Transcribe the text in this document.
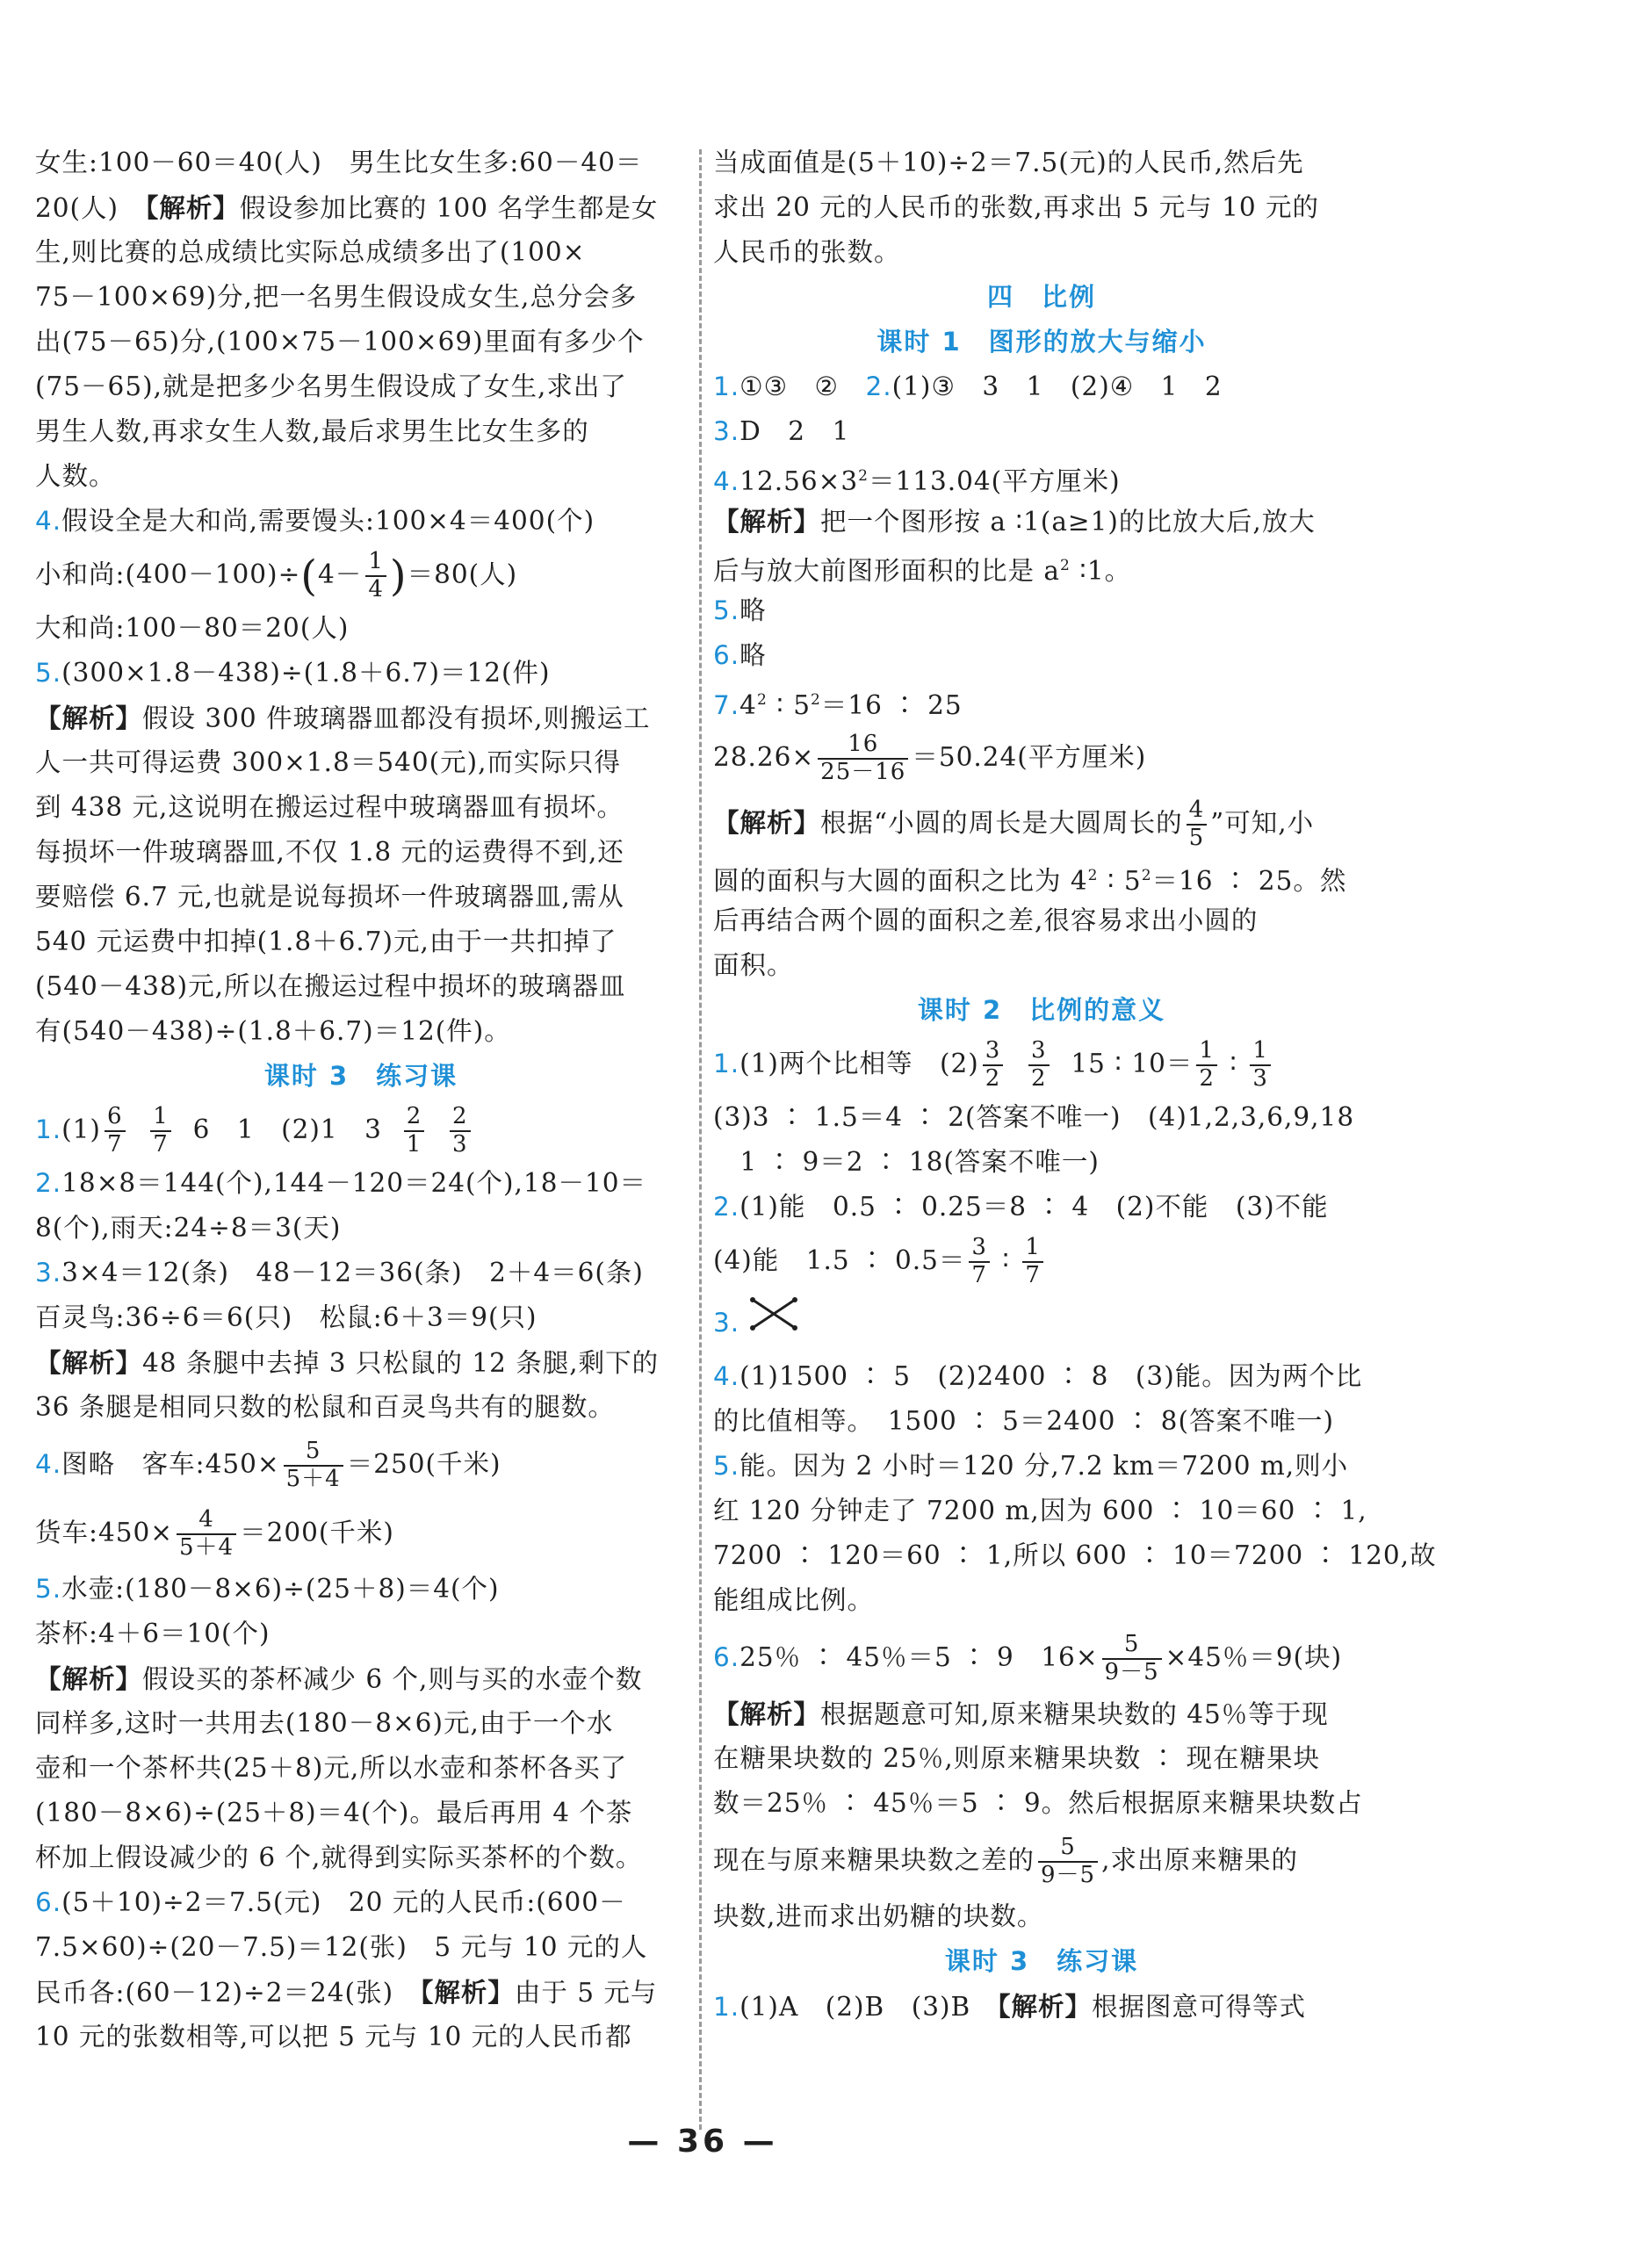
女生:100－60＝40(人)　男生比女生多:60－40＝
20(人)　【解析】假设参加比赛的 100 名学生都是女
生,则比赛的总成绩比实际总成绩多出了(100×
75－100×69)分,把一名男生假设成女生,总分会多
出(75－65)分,(100×75－100×69)里面有多少个
(75－65),就是把多少名男生假设成了女生,求出了
男生人数,再求女生人数,最后求男生比女生多的
人数。
4.假设全是大和尚,需要馒头:100×4＝400(个)
小和尚:(400－100)÷(4－ $\frac{1}{4} )=80$(人)
大和尚:100－80＝20(人)
5.(300×1.8－438)÷(1.8＋6.7)＝12(件)
【解析】假设 300 件玻璃器皿都没有损坏,则搬运工
人一共可得运费 300×1.8＝540(元),而实际只得
到 438 元,这说明在搬运过程中玻璃器皿有损坏。
每损坏一件玻璃器皿,不仅 1.8 元的运费得不到,还
要赔偿 6.7 元,也就是说每损坏一件玻璃器皿,需从
540 元运费中扣掉(1.8＋6.7)元,由于一共扣掉了
(540－438)元,所以在搬运过程中损坏的玻璃器皿
有(540－438)÷(1.8＋6.7)＝12(件)。
课时 3　练习课
$1.(1) \frac{6}{7}$
$\frac{1}{7} 6$　1　(2)1　$3 \frac{2}{1}$
$\frac{2}{3}$
2.18×8＝144(个),144－120＝24(个),18－10＝
8(个),雨天:24÷8＝3(天)
3.3×4＝12(条)　48－12＝36(条)　2＋4＝6(条)
百灵鸟:36÷6＝6(只)　松鼠:6＋3＝9(只)
【解析】48 条腿中去掉 3 只松鼠的 12 条腿,剩下的
36 条腿是相同只数的松鼠和百灵鸟共有的腿数。
4.图略　客车:450× $\frac{5}{5+4} =250$(千米)
货车:450× $\frac{4}{5+4} =200$(千米)
5.水壶:(180－8×6)÷(25＋8)＝4(个)
茶杯:4＋6＝10(个)
【解析】假设买的茶杯减少 6 个,则与买的水壶个数
同样多,这时一共用去(180－8×6)元,由于一个水
壶和一个茶杯共(25＋8)元,所以水壶和茶杯各买了
(180－8×6)÷(25＋8)＝4(个)。最后再用 4 个茶
杯加上假设减少的 6 个,就得到实际买茶杯的个数。
6.(5＋10)÷2＝7.5(元)　20 元的人民币:(600－
7.5×60)÷(20－7.5)＝12(张)　5 元与 10 元的人
民币各:(60－12)÷2＝24(张)　【解析】由于 5 元与
10 元的张数相等,可以把 5 元与 10 元的人民币都
当成面值是(5＋10)÷2＝7.5(元)的人民币,然后先
求出 20 元的人民币的张数,再求出 5 元与 10 元的
人民币的张数。
四　比例
课时 1　图形的放大与缩小
1.①③　②　2.(1)③　3　1　(2)④　1　2
3.D　2　1
$4.12.56\times 3^2=113.04$(平方厘米)
【解析】把一个图形按 a ∶1(a≥1)的比放大后,放大
后与放大前图形面积的比是 $a^2$ ∶1。
5.略
6.略
$7.4^2$ ∶ $5^2=16$ ∶ 25
$28.26\times \frac{16}{25-16} =50.24$(平方厘米)
【解析】根据“小圆的周长是大圆周长的 $\frac{4}{5}$ ”可知,小
圆的面积与大圆的面积之比为 $4^2$ ∶ $5^2=16$ ∶ 25。然
后再结合两个圆的面积之差,很容易求出小圆的
面积。
课时 2　比例的意义
1.(1)两个比相等　$(2) \frac{3}{2}$
$\frac{3}{2} 15$ ∶ $10= \frac{1}{2}$ ∶ $\frac{1}{3}$
(3)3 ∶ 1.5＝4 ∶ 2(答案不唯一)　(4)1,2,3,6,9,18
　1 ∶ 9＝2 ∶ 18(答案不唯一)
2.(1)能　0.5 ∶ 0.25＝8 ∶ 4　(2)不能　(3)不能
(4)能　1.5 ∶ $0.5= \frac{3}{7}$ ∶ $\frac{1}{7}$
3.
4.(1)1500 ∶ 5　(2)2400 ∶ 8　(3)能。因为两个比
的比值相等。　1500 ∶ 5＝2400 ∶ 8(答案不唯一)
5.能。因为 2 小时＝120 分,7.2 km＝7200 m,则小
红 120 分钟走了 7200 m,因为 600 ∶ 10＝60 ∶ 1,
7200 ∶ 120＝60 ∶ 1,所以 600 ∶ 10＝7200 ∶ 120,故
能组成比例。
6.25％ ∶ 45％＝5 ∶ 9　$16\times \frac{5}{9-5} \times 45$％＝9(块)
【解析】根据题意可知,原来糖果块数的 45％等于现
在糖果块数的 25％,则原来糖果块数 ∶ 现在糖果块
数＝25％ ∶ 45％＝5 ∶ 9。然后根据原来糖果块数占
现在与原来糖果块数之差的 $\frac{5}{9-5}$ ,求出原来糖果的
块数,进而求出奶糖的块数。
课时 3　练习课
1.(1)A　(2)B　(3)B　【解析】根据图意可得等式
— 36 —
